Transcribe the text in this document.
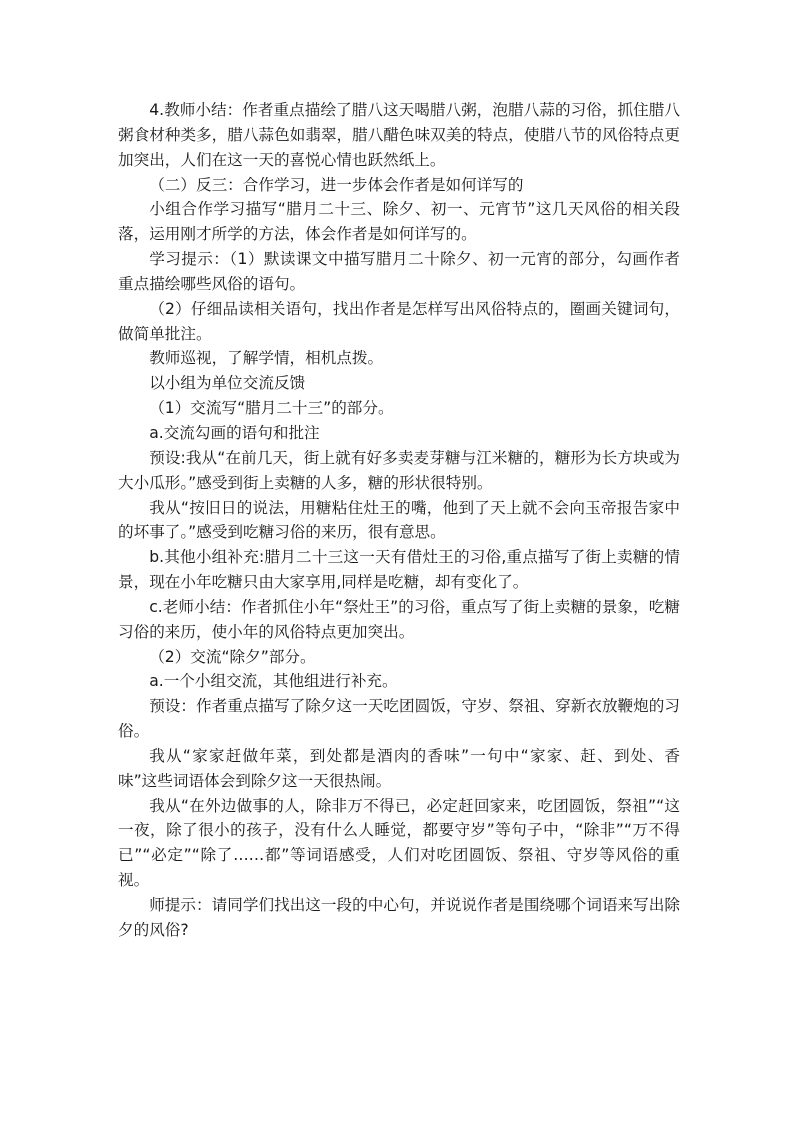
4.教师小结：作者重点描绘了腊八这天喝腊八粥，泡腊八蒜的习俗，抓住腊八粥食材种类多，腊八蒜色如翡翠，腊八醋色味双美的特点，使腊八节的风俗特点更加突出，人们在这一天的喜悦心情也跃然纸上。

（二）反三：合作学习，进一步体会作者是如何详写的

小组合作学习描写“腊月二十三、除夕、初一、元宵节”这几天风俗的相关段落，运用刚才所学的方法，体会作者是如何详写的。

学习提示：（1）默读课文中描写腊月二十除夕、初一元宵的部分，勾画作者重点描绘哪些风俗的语句。

（2）仔细品读相关语句，找出作者是怎样写出风俗特点的，圈画关键词句，做简单批注。

教师巡视，了解学情，相机点拨。

以小组为单位交流反馈

（1）交流写“腊月二十三”的部分。

a.交流勾画的语句和批注

预设:我从“在前几天，街上就有好多卖麦芽糖与江米糖的，糖形为长方块或为大小瓜形。”感受到街上卖糖的人多，糖的形状很特别。

我从“按旧日的说法，用糖粘住灶王的嘴，他到了天上就不会向玉帝报告家中的坏事了。”感受到吃糖习俗的来历，很有意思。

b.其他小组补充:腊月二十三这一天有借灶王的习俗,重点描写了街上卖糖的情景，现在小年吃糖只由大家享用,同样是吃糖，却有变化了。

c.老师小结：作者抓住小年“祭灶王”的习俗，重点写了街上卖糖的景象，吃糖习俗的来历，使小年的风俗特点更加突出。

（2）交流“除夕”部分。

a.一个小组交流，其他组进行补充。

预设：作者重点描写了除夕这一天吃团圆饭，守岁、祭祖、穿新衣放鞭炮的习俗。

我从“家家赶做年菜，到处都是酒肉的香味”一句中“家家、赶、到处、香味”这些词语体会到除夕这一天很热闹。

我从“在外边做事的人，除非万不得已，必定赶回家来，吃团圆饭，祭祖”“这一夜，除了很小的孩子，没有什么人睡觉，都要守岁”等句子中，“除非”“万不得已”“必定”“除了……都”等词语感受，人们对吃团圆饭、祭祖、守岁等风俗的重视。

师提示：请同学们找出这一段的中心句，并说说作者是围绕哪个词语来写出除夕的风俗?
